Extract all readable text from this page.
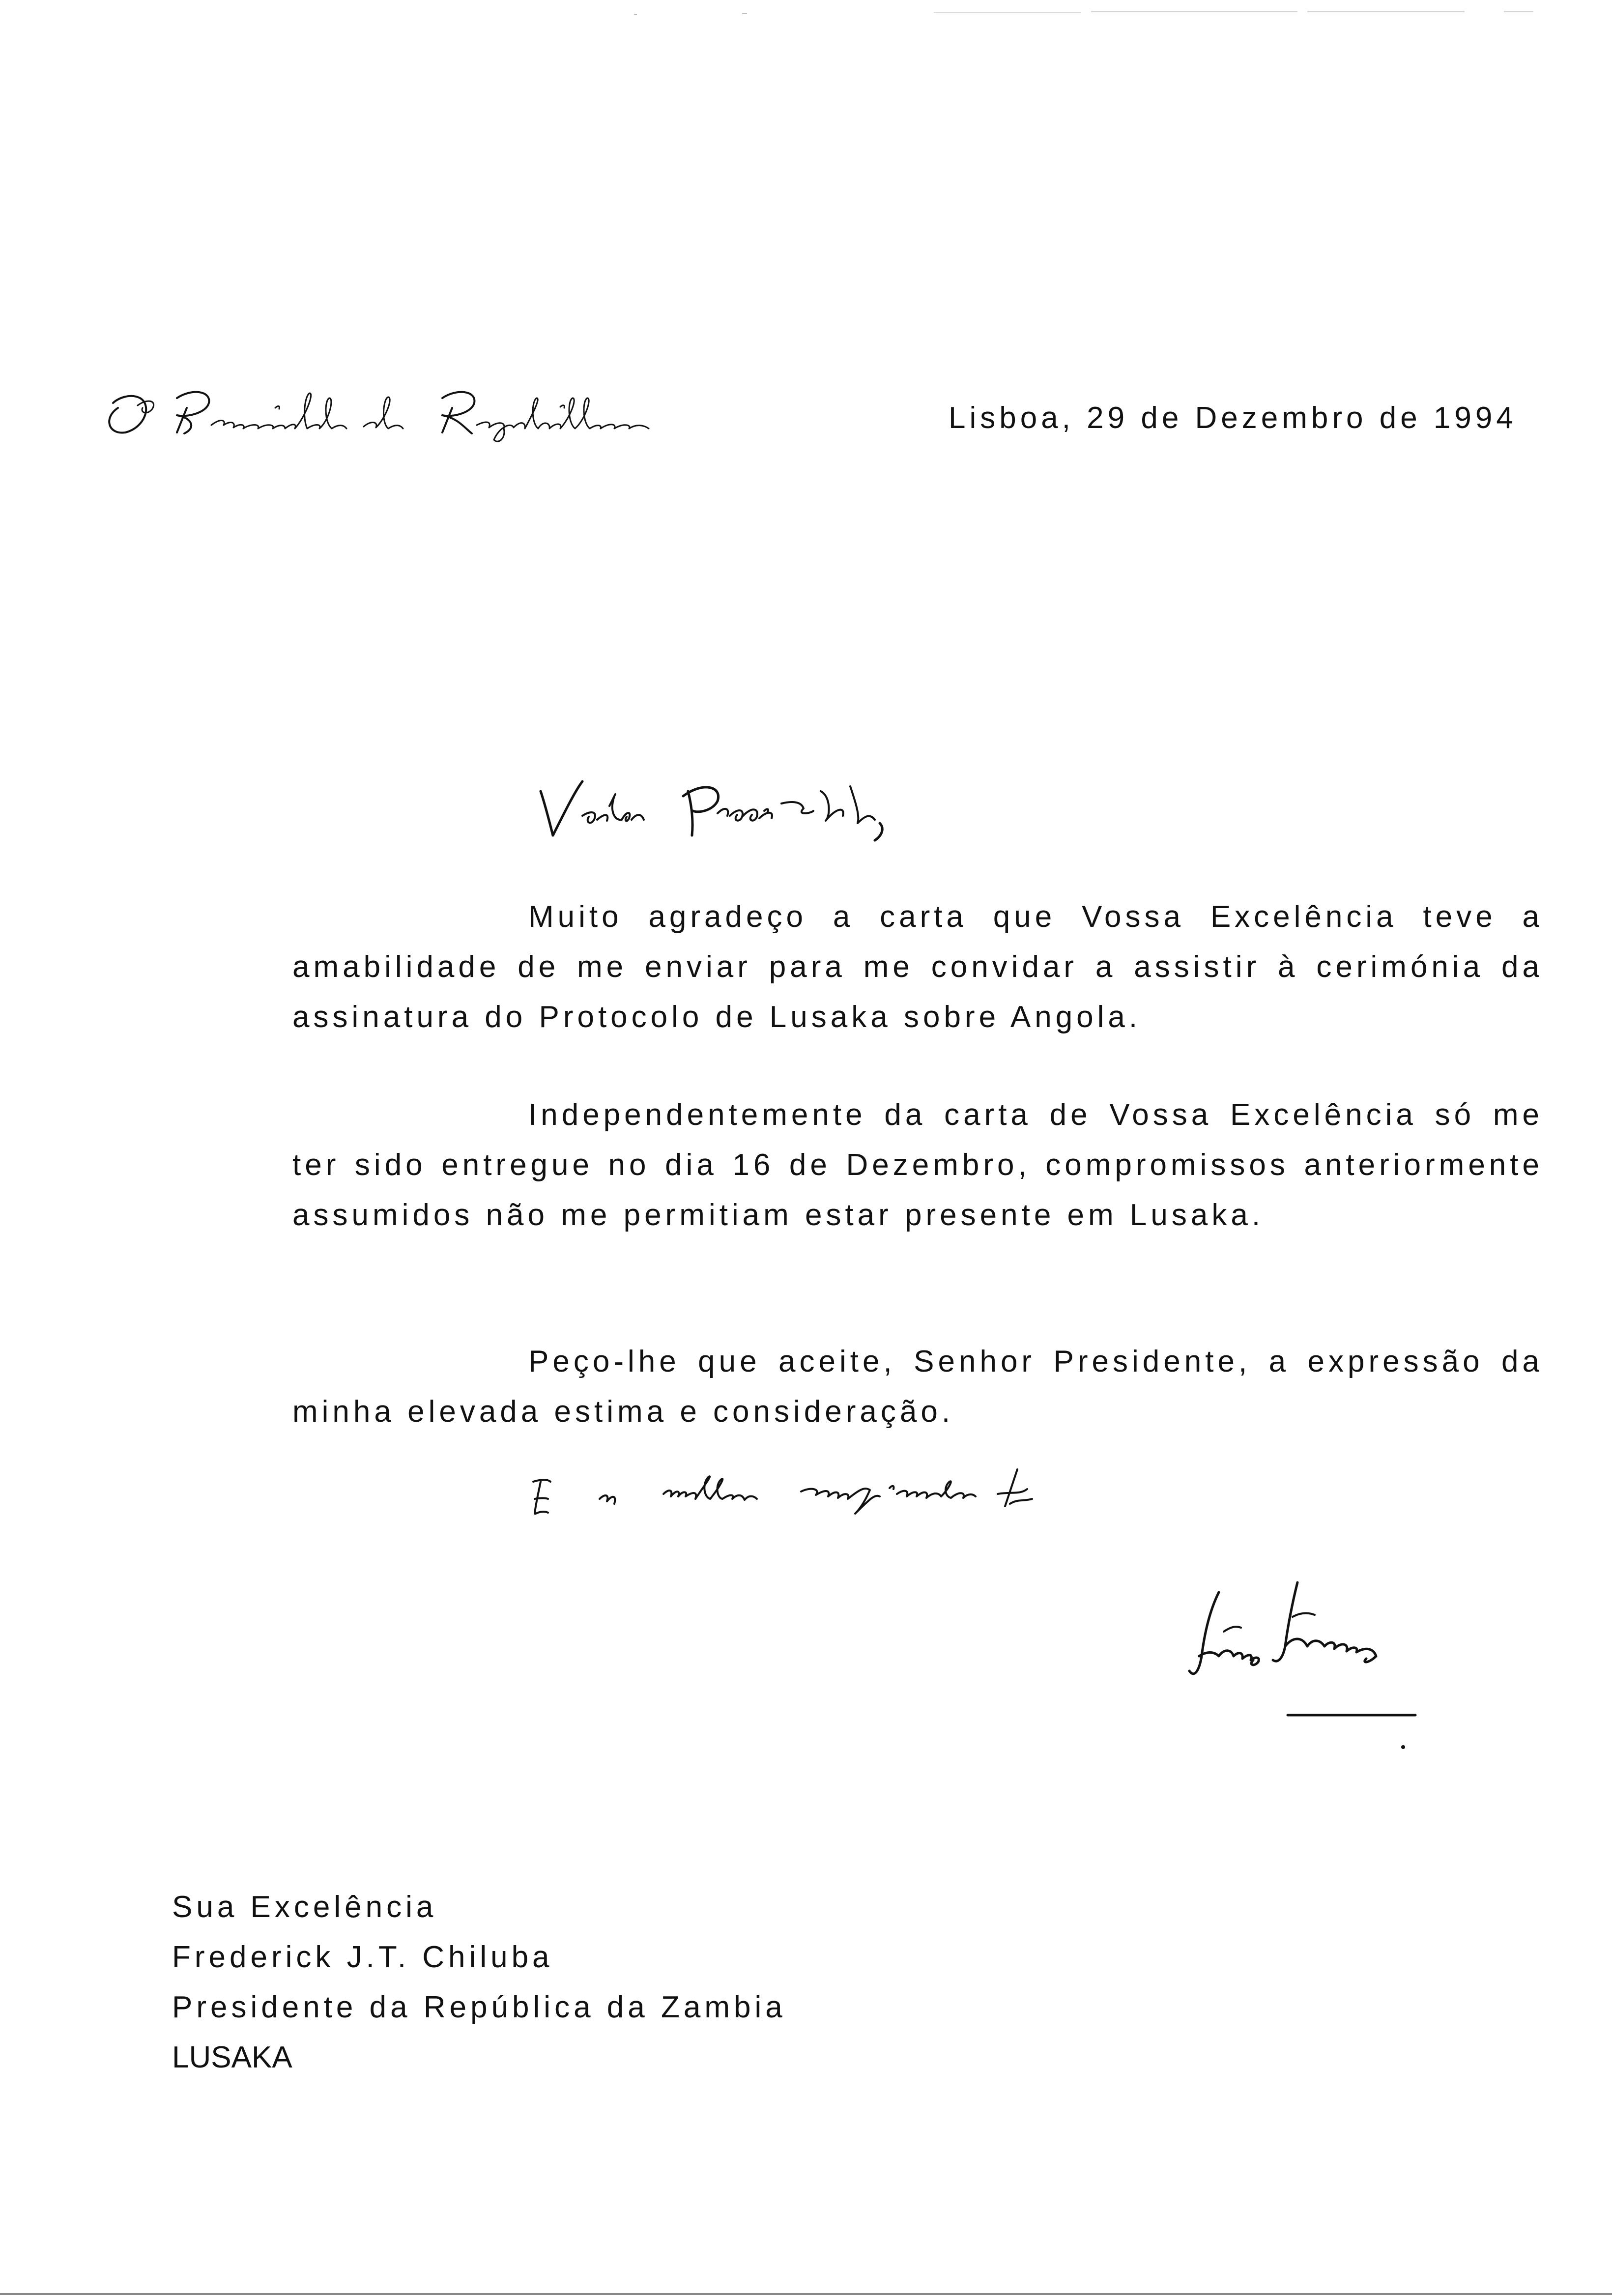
Lisboa, 29 de Dezembro de 1994

Muito agradeço a carta que Vossa Excelência teve a amabilidade de me enviar para me convidar a assistir à cerimónia da assinatura do Protocolo de Lusaka sobre Angola.

Independentemente da carta de Vossa Excelência só me ter sido entregue no dia 16 de Dezembro, compromissos anteriormente assumidos não me permitiam estar presente em Lusaka.

Peço-lhe que aceite, Senhor Presidente, a expressão da minha elevada estima e consideração.

Sua Excelência
Frederick J.T. Chiluba
Presidente da República da Zambia
LUSAKA
